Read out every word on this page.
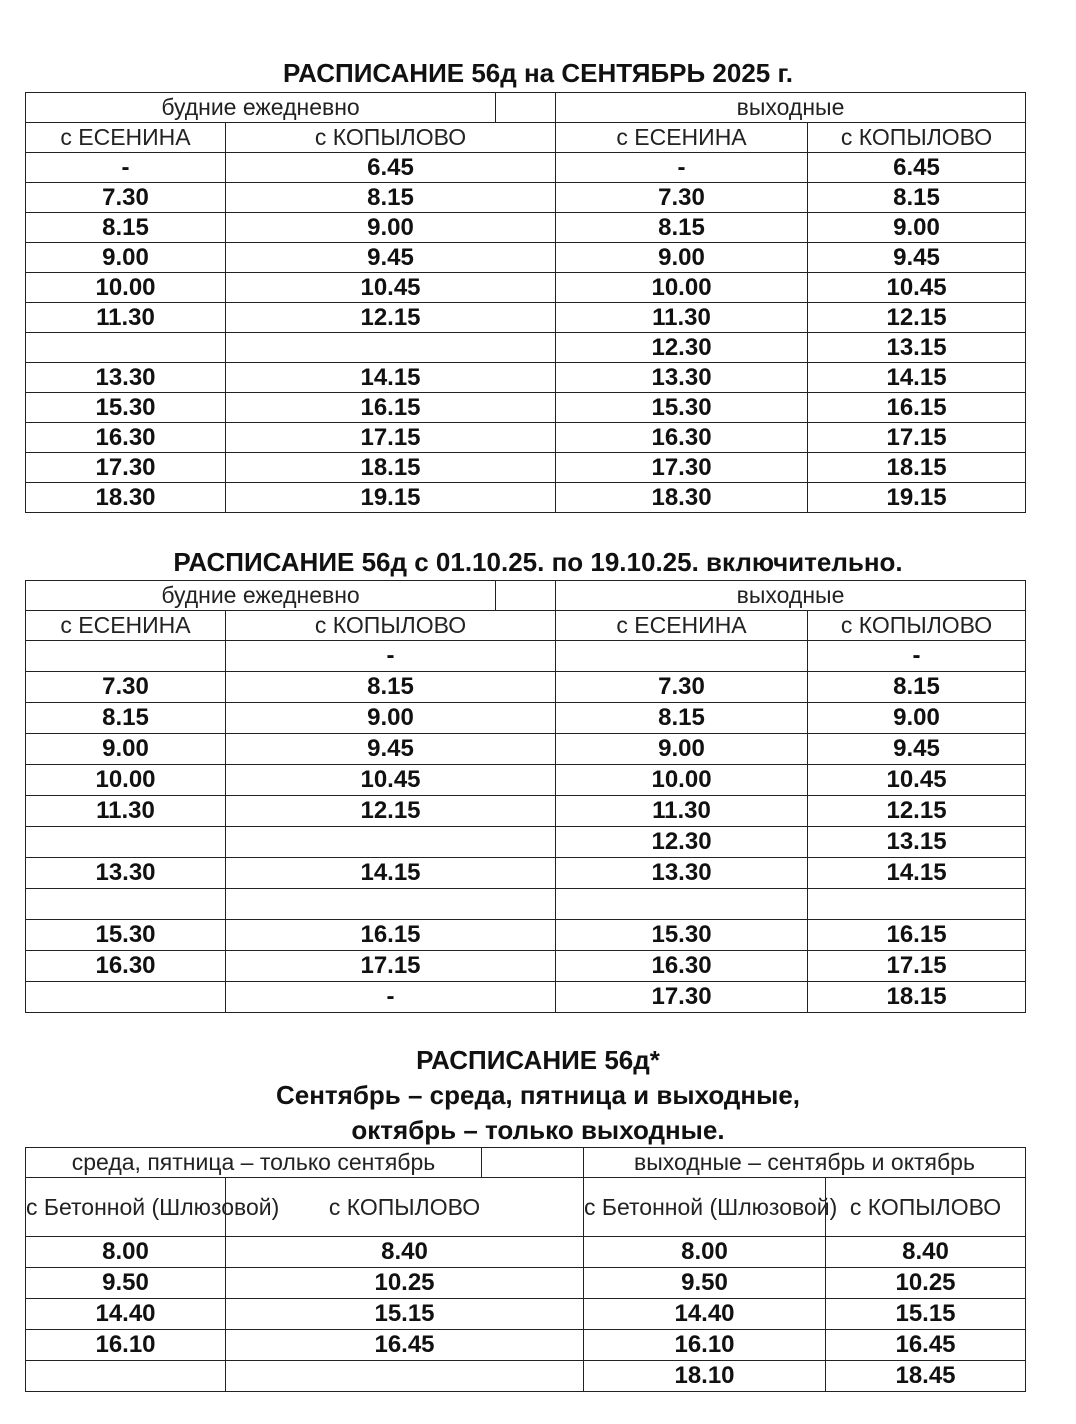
РАСПИСАНИЕ 56д на СЕНТЯБРЬ 2025 г.
будние ежедневно			выходные	
с ЕСЕНИНА	с КОПЫЛОВО		с ЕСЕНИНА	с КОПЫЛОВО
-	6.45		-	6.45
7.30	8.15		7.30	8.15
8.15	9.00		8.15	9.00
9.00	9.45		9.00	9.45
10.00	10.45		10.00	10.45
11.30	12.15		11.30	12.15
			12.30	13.15
13.30	14.15		13.30	14.15
15.30	16.15		15.30	16.15
16.30	17.15		16.30	17.15
17.30	18.15		17.30	18.15
18.30	19.15		18.30	19.15
РАСПИСАНИЕ 56д с 01.10.25. по 19.10.25. включительно.
будние ежедневно			выходные	
с ЕСЕНИНА	с КОПЫЛОВО		с ЕСЕНИНА	с КОПЫЛОВО
	-			-
7.30	8.15		7.30	8.15
8.15	9.00		8.15	9.00
9.00	9.45		9.00	9.45
10.00	10.45		10.00	10.45
11.30	12.15		11.30	12.15
			12.30	13.15
13.30	14.15		13.30	14.15

15.30	16.15		15.30	16.15
16.30	17.15		16.30	17.15
	-		17.30	18.15
РАСПИСАНИЕ 56д*
Сентябрь – среда, пятница и выходные,
октябрь – только выходные.
среда, пятница – только сентябрь			выходные – сентябрь и октябрь	
с Бетонной (Шлюзовой)	с КОПЫЛОВО		с Бетонной (Шлюзовой)	с КОПЫЛОВО
8.00	8.40		8.00	8.40
9.50	10.25		9.50	10.25
14.40	15.15		14.40	15.15
16.10	16.45		16.10	16.45
			18.10	18.45
